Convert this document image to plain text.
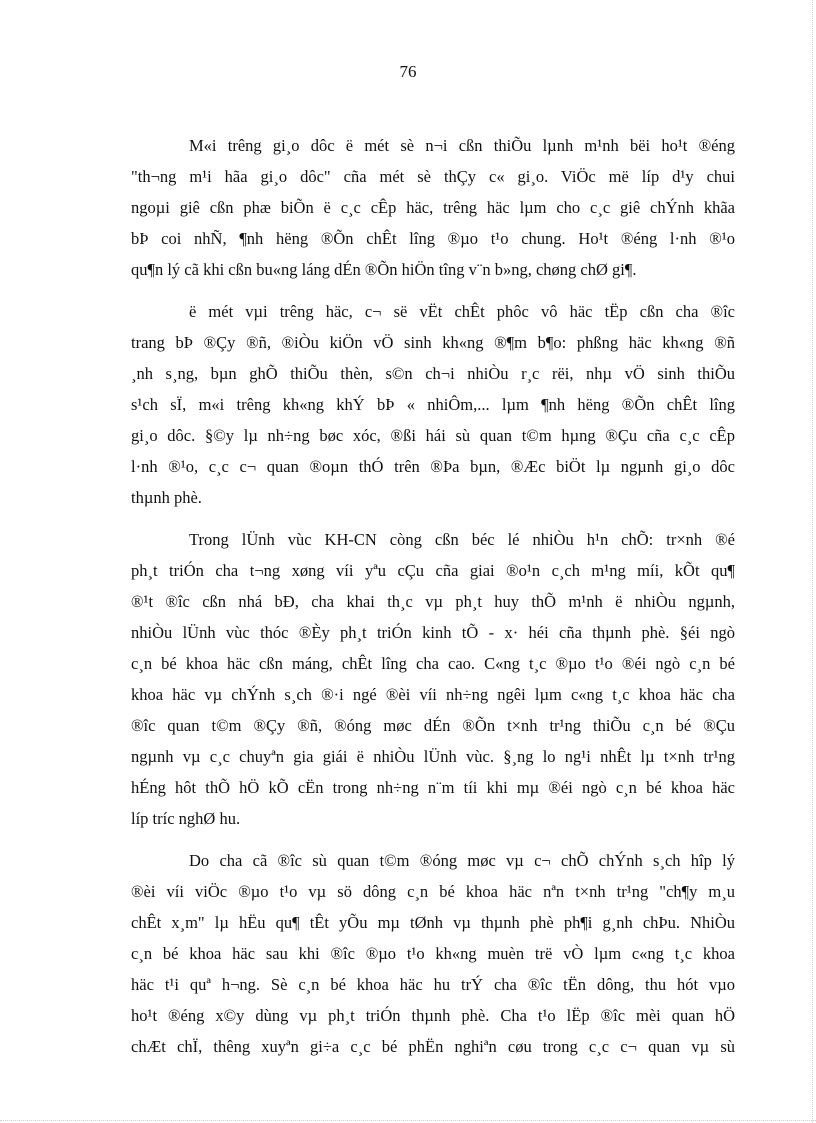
76

M«i trêng gi¸o dôc ë mét sè n¬i cßn thiÕu lµnh m¹nh bëi ho¹t ®éng
"th¬ng m¹i hãa gi¸o dôc" cña mét sè thÇy c« gi¸o. ViÖc më líp d¹y chui
ngoµi giê cßn phæ biÕn ë c¸c cÊp häc, trêng häc lµm cho c¸c giê chÝnh khãa
bÞ coi nhÑ, ¶nh hëng ®Õn chÊt lîng ®µo t¹o chung. Ho¹t ®éng l·nh ®¹o
qu¶n lý cã khi cßn bu«ng láng dÉn ®Õn hiÖn tîng v¨n b»ng, chøng chØ gi¶.

ë mét vµi trêng häc, c¬ së vËt chÊt phôc vô häc tËp cßn cha ®îc
trang bÞ ®Çy ®ñ, ®iÒu kiÖn vÖ sinh kh«ng ®¶m b¶o: phßng häc kh«ng ®ñ
¸nh s¸ng, bµn ghÕ thiÕu thèn, s©n ch¬i nhiÒu r¸c rëi, nhµ vÖ sinh thiÕu
s¹ch sÏ, m«i trêng kh«ng khÝ bÞ « nhiÔm,... lµm ¶nh hëng ®Õn chÊt lîng
gi¸o dôc. §©y lµ nh÷ng bøc xóc, ®ßi hái sù quan t©m hµng ®Çu cña c¸c cÊp
l·nh ®¹o, c¸c c¬ quan ®oµn thÓ trên ®Þa bµn, ®Æc biÖt lµ ngµnh gi¸o dôc
thµnh phè.

Trong lÜnh vùc KH-CN còng cßn béc lé nhiÒu h¹n chÕ: tr×nh ®é
ph¸t triÓn cha t¬ng xøng víi yªu cÇu cña giai ®o¹n c¸ch m¹ng míi, kÕt qu¶
®¹t ®îc cßn nhá bÐ, cha khai th¸c vµ ph¸t huy thÕ m¹nh ë nhiÒu ngµnh,
nhiÒu lÜnh vùc thóc ®Èy ph¸t triÓn kinh tÕ - x· héi cña thµnh phè. §éi ngò
c¸n bé khoa häc cßn máng, chÊt lîng cha cao. C«ng t¸c ®µo t¹o ®éi ngò c¸n bé
khoa häc vµ chÝnh s¸ch ®·i ngé ®èi víi nh÷ng ngêi lµm c«ng t¸c khoa häc cha
®îc quan t©m ®Çy ®ñ, ®óng møc dÉn ®Õn t×nh tr¹ng thiÕu c¸n bé ®Çu
ngµnh vµ c¸c chuyªn gia giái ë nhiÒu lÜnh vùc. §¸ng lo ng¹i nhÊt lµ t×nh tr¹ng
hÉng hôt thÕ hÖ kÕ cËn trong nh÷ng n¨m tíi khi mµ ®éi ngò c¸n bé khoa häc
líp tríc nghØ hu.

Do cha cã ®îc sù quan t©m ®óng møc vµ c¬ chÕ chÝnh s¸ch hîp lý
®èi víi viÖc ®µo t¹o vµ sö dông c¸n bé khoa häc nªn t×nh tr¹ng "ch¶y m¸u
chÊt x¸m" lµ hËu qu¶ tÊt yÕu mµ tØnh vµ thµnh phè ph¶i g¸nh chÞu. NhiÒu
c¸n bé khoa häc sau khi ®îc ®µo t¹o kh«ng muèn trë vÒ lµm c«ng t¸c khoa
häc t¹i quª h¬ng. Sè c¸n bé khoa häc hu trÝ cha ®îc tËn dông, thu hót vµo
ho¹t ®éng x©y dùng vµ ph¸t triÓn thµnh phè. Cha t¹o lËp ®îc mèi quan hÖ
chÆt chÏ, thêng xuyªn gi÷a c¸c bé phËn nghiªn cøu trong c¸c c¬ quan vµ sù
